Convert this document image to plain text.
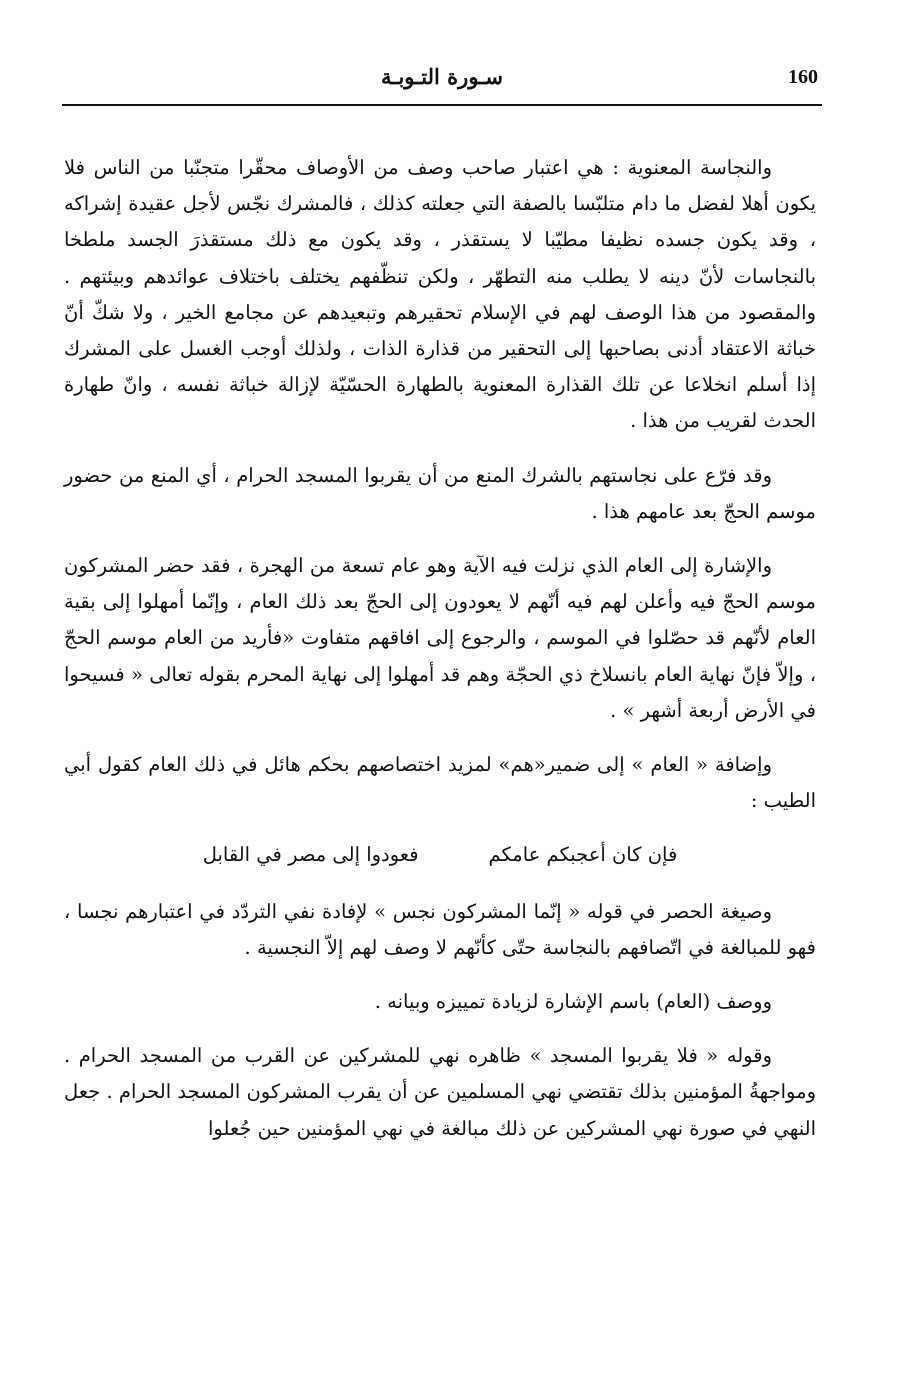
160
سـورة التـوبـة

والنجاسة المعنوية : هي اعتبار صاحب وصف من الأوصاف محقّرا متجنّبا من الناس فلا يكون أهلا لفضل ما دام متلبّسا بالصفة التي جعلته كذلك ، فالمشرك نجّس لأجل عقيدة إشراكه ، وقد يكون جسده نظيفا مطيّبا لا يستقذر ، وقد يكون مع ذلك مستقذرَ الجسد ملطخا بالنجاسات لأنّ دينه لا يطلب منه التطهّر ، ولكن تنظّفهم يختلف باختلاف عوائدهم وبيئتهم . والمقصود من هذا الوصف لهم في الإسلام تحقيرهم وتبعيدهم عن مجامع الخير ، ولا شكّ أنّ خباثة الاعتقاد أدنى بصاحبها إلى التحقير من قذارة الذات ، ولذلك أوجب الغسل على المشرك إذا أسلم انخلاعا عن تلك القذارة المعنوية بالطهارة الحسّيّة لإزالة خباثة نفسه ، وانّ طهارة الحدث لقريب من هذا .

وقد فرّع على نجاستهم بالشرك المنع من أن يقربوا المسجد الحرام ، أي المنع من حضور موسم الحجّ بعد عامهم هذا .

والإشارة إلى العام الذي نزلت فيه الآية وهو عام تسعة من الهجرة ، فقد حضر المشركون موسم الحجّ فيه وأعلن لهم فيه أنّهم لا يعودون إلى الحجّ بعد ذلك العام ، وإنّما أمهلوا إلى بقية العام لأنّهم قد حصّلوا في الموسم ، والرجوع إلى افاقهم متفاوت «فأريد من العام موسم الحجّ ، وإلاّ فإنّ نهاية العام بانسلاخ ذي الحجّة وهم قد أمهلوا إلى نهاية المحرم بقوله تعالى « فسيحوا في الأرض أربعة أشهر » .

وإضافة « العام » إلى ضمير«هم» لمزيد اختصاصهم بحكم هائل في ذلك العام كقول أبي الطيب :

فإن كان أعجبكم عامكم
فعودوا إلى مصر في القابل

وصيغة الحصر في قوله « إنّما المشركون نجس » لإفادة نفي التردّد في اعتبارهم نجسا ، فهو للمبالغة في اتّصافهم بالنجاسة حتّى كأنّهم لا وصف لهم إلاّ النجسية .

ووصف (العام) باسم الإشارة لزيادة تمييزه وبيانه .

وقوله « فلا يقربوا المسجد » ظاهره نهي للمشركين عن القرب من المسجد الحرام . ومواجهةُ المؤمنين بذلك تقتضي نهي المسلمين عن أن يقرب المشركون المسجد الحرام . جعل النهي في صورة نهي المشركين عن ذلك مبالغة في نهي المؤمنين حين جُعلوا
